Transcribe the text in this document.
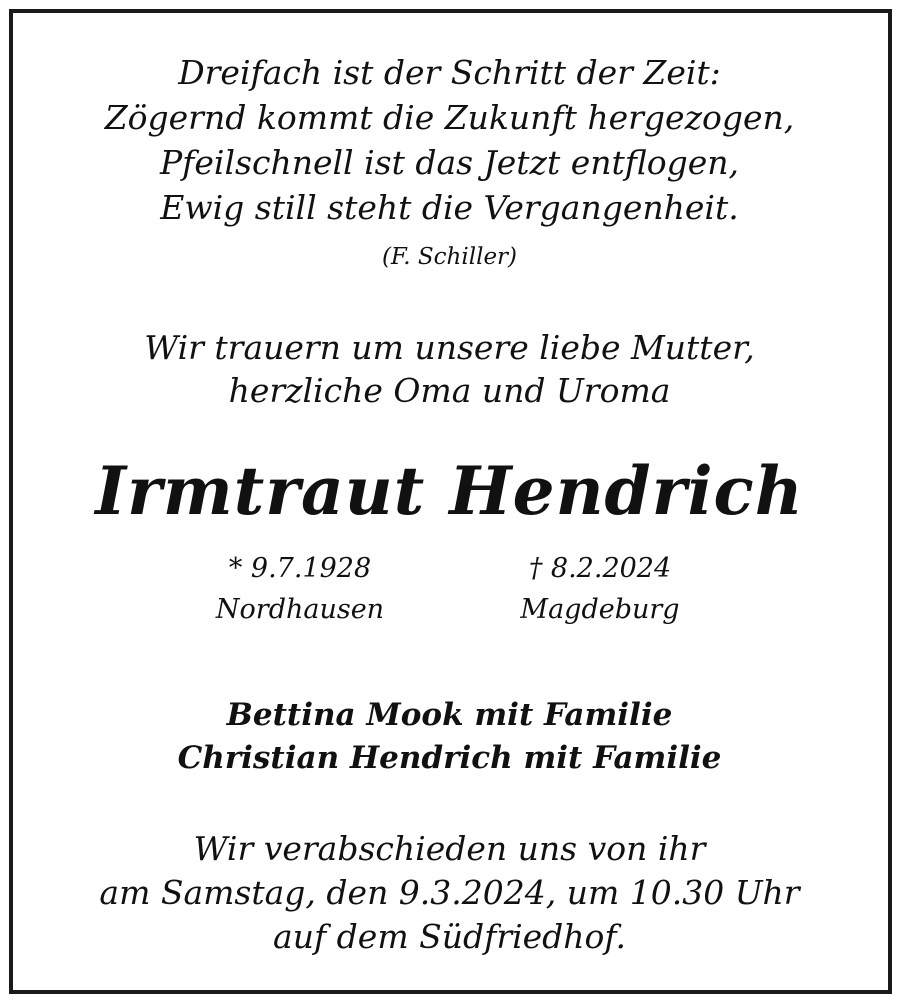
Dreifach ist der Schritt der Zeit:
Zögernd kommt die Zukunft hergezogen,
Pfeilschnell ist das Jetzt entflogen,
Ewig still steht die Vergangenheit.
(F. Schiller)
Wir trauern um unsere liebe Mutter,
herzliche Oma und Uroma
Irmtraut Hendrich
* 9.7.1928
Nordhausen
† 8.2.2024
Magdeburg
Bettina Mook mit Familie
Christian Hendrich mit Familie
Wir verabschieden uns von ihr
am Samstag, den 9.3.2024, um 10.30 Uhr
auf dem Südfriedhof.
